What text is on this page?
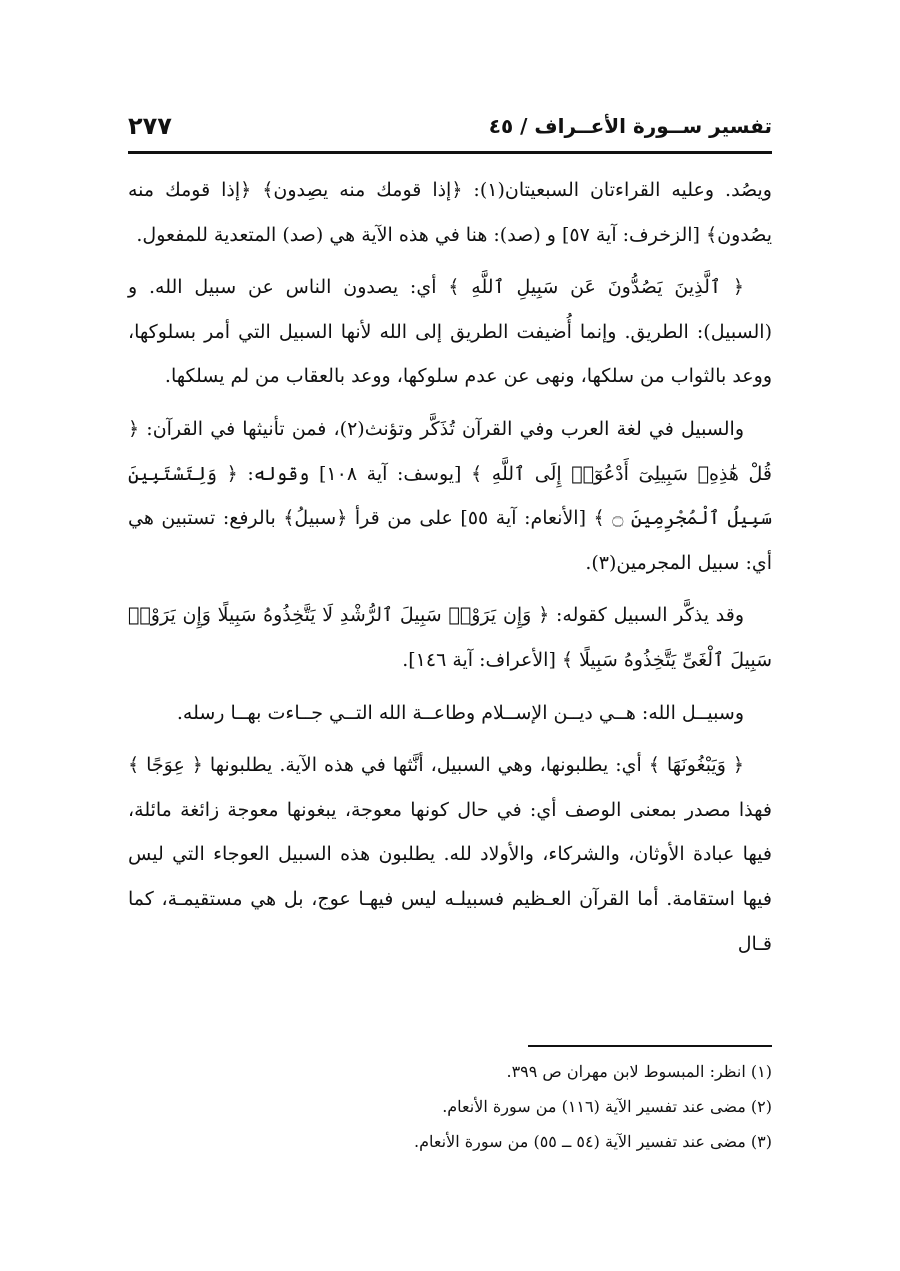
تفسير ســورة الأعــراف / ٤٥
٢٧٧

ويصُد. وعليه القراءتان السبعيتان(١): ﴿إذا قومك منه يصِدون﴾ ﴿إذا قومك منه يصُدون﴾ [الزخرف: آية ٥٧] و (صد): هنا في هذه الآية هي (صد) المتعدية للمفعول.

﴿ ٱلَّذِينَ يَصُدُّونَ عَن سَبِيلِ ٱللَّهِ ﴾ أي: يصدون الناس عن سبيل الله. و (السبيل): الطريق. وإنما أُضيفت الطريق إلى الله لأنها السبيل التي أمر بسلوكها، ووعد بالثواب من سلكها، ونهى عن عدم سلوكها، ووعد بالعقاب من لم يسلكها.

والسبيل في لغة العرب وفي القرآن تُذَكَّر وتؤنث(٢)، فمن تأنيثها في القرآن: ﴿ قُلْ هَٰذِهِۦ سَبِيلِىٓ أَدْعُوٓا۟ إِلَى ٱللَّهِ ﴾ [يوسف: آية ١٠٨] وقوله: ﴿ وَلِتَسْتَبِينَ سَبِيلُ ٱلْمُجْرِمِينَ ۝ ﴾ [الأنعام: آية ٥٥] على من قرأ ﴿سبيلُ﴾ بالرفع: تستبين هي أي: سبيل المجرمين(٣).

وقد يذكَّر السبيل كقوله: ﴿ وَإِن يَرَوْا۟ سَبِيلَ ٱلرُّشْدِ لَا يَتَّخِذُوهُ سَبِيلًا وَإِن يَرَوْا۟ سَبِيلَ ٱلْغَىِّ يَتَّخِذُوهُ سَبِيلًا ﴾ [الأعراف: آية ١٤٦].

وسبيــل الله: هــي ديــن الإســلام وطاعــة الله التــي جــاءت بهــا رسله.

﴿ وَيَبْغُونَهَا ﴾ أي: يطلبونها، وهي السبيل، أنَّثها في هذه الآية. يطلبونها ﴿ عِوَجًا ﴾ فهذا مصدر بمعنى الوصف أي: في حال كونها معوجة، يبغونها معوجة زائغة مائلة، فيها عبادة الأوثان، والشركاء، والأولاد لله. يطلبون هذه السبيل العوجاء التي ليس فيها استقامة. أما القرآن العـظيم فسبيلـه ليس فيهـا عوج، بل هي مستقيمـة، كما قـال

(١) انظر: المبسوط لابن مهران ص ٣٩٩.
(٢) مضى عند تفسير الآية (١١٦) من سورة الأنعام.
(٣) مضى عند تفسير الآية (٥٤ ــ ٥٥) من سورة الأنعام.
